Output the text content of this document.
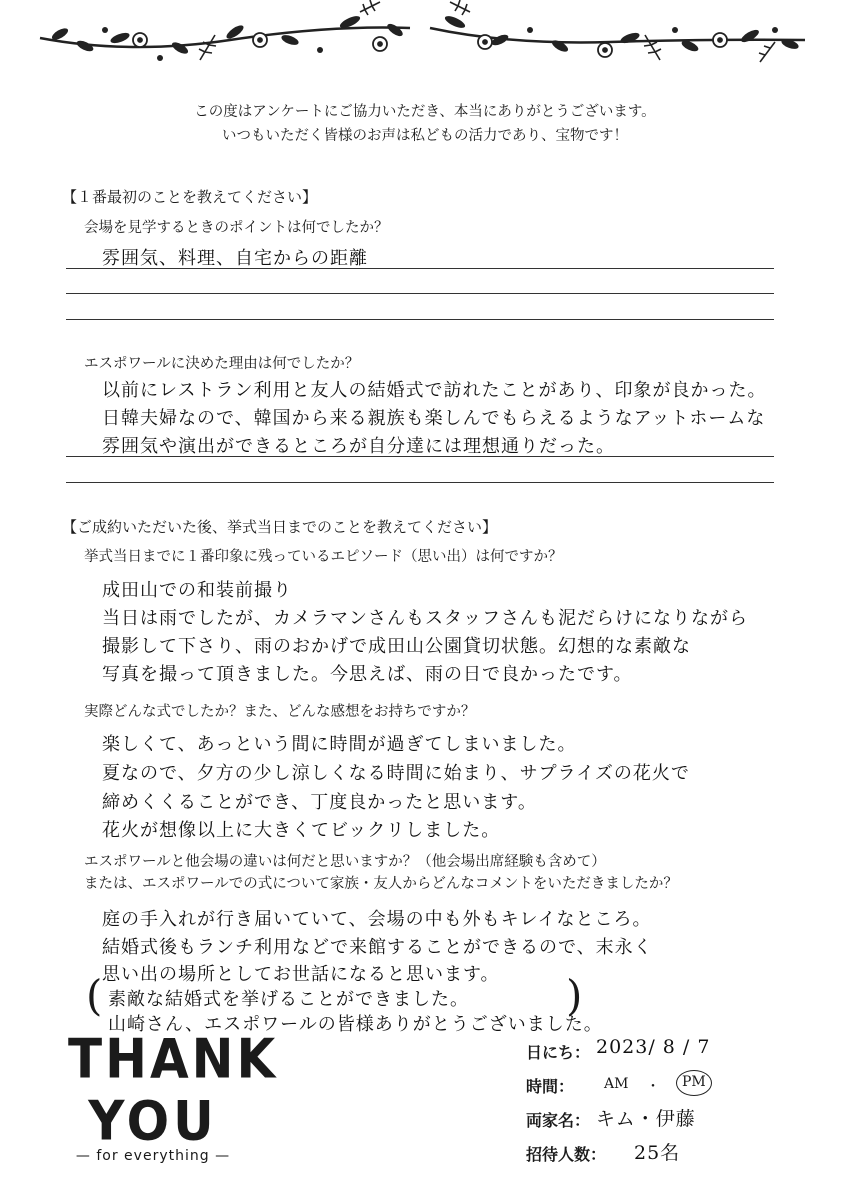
この度はアンケートにご協力いただき、本当にありがとうございます。
いつもいただく皆様のお声は私どもの活力であり、宝物です！
【１番最初のことを教えてください】
会場を見学するときのポイントは何でしたか？
雰囲気、料理、自宅からの距離
エスポワールに決めた理由は何でしたか？
以前にレストラン利用と友人の結婚式で訪れたことがあり、印象が良かった。
日韓夫婦なので、韓国から来る親族も楽しんでもらえるようなアットホームな
雰囲気や演出ができるところが自分達には理想通りだった。
【ご成約いただいた後、挙式当日までのことを教えてください】
挙式当日までに１番印象に残っているエピソード（思い出）は何ですか？
成田山での和装前撮り
当日は雨でしたが、カメラマンさんもスタッフさんも泥だらけになりながら
撮影して下さり、雨のおかげで成田山公園貸切状態。幻想的な素敵な
写真を撮って頂きました。今思えば、雨の日で良かったです。
実際どんな式でしたか？また、どんな感想をお持ちですか？
楽しくて、あっという間に時間が過ぎてしまいました。
夏なので、夕方の少し涼しくなる時間に始まり、サプライズの花火で
締めくくることができ、丁度良かったと思います。
花火が想像以上に大きくてビックリしました。
エスポワールと他会場の違いは何だと思いますか？（他会場出席経験も含めて）
または、エスポワールでの式について家族・友人からどんなコメントをいただきましたか？
庭の手入れが行き届いていて、会場の中も外もキレイなところ。
結婚式後もランチ利用などで来館することができるので、末永く
思い出の場所としてお世話になると思います。
( 素敵な結婚式を挙げることができました。
山崎さん、エスポワールの皆様ありがとうございました。
)
THANK
YOU
— for everything —
日にち： 2023/ 8 / 7
時間： AM ・ PM
両家名： キム・伊藤
招待人数： 25名
